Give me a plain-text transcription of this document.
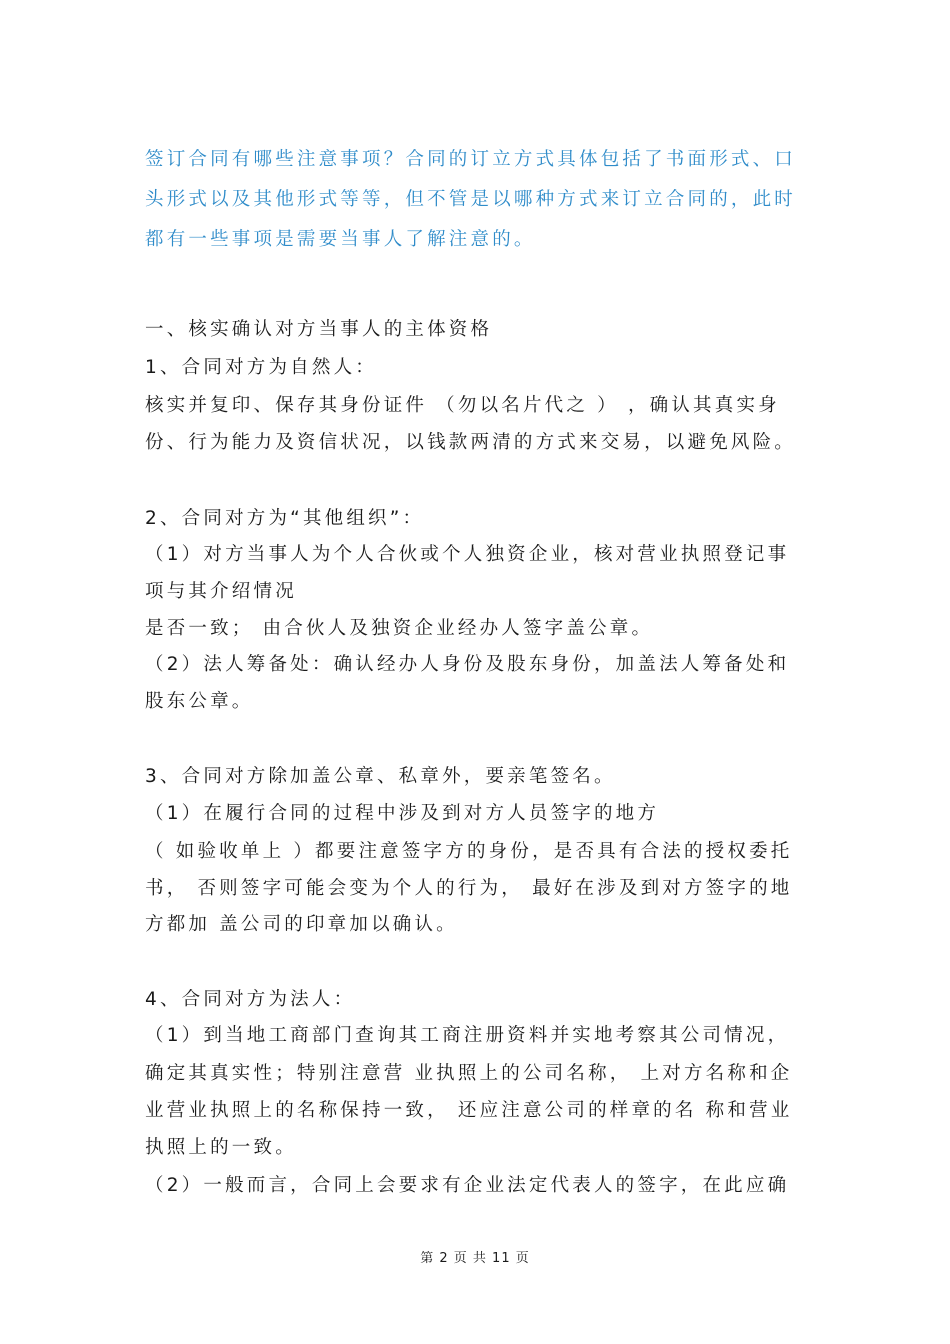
签订合同有哪些注意事项？合同的订立方式具体包括了书面形式、口
头形式以及其他形式等等，但不管是以哪种方式来订立合同的，此时
都有一些事项是需要当事人了解注意的。
一、核实确认对方当事人的主体资格
1、合同对方为自然人：
核实并复印、保存其身份证件 （勿以名片代之 ） ，确认其真实身
份、行为能力及资信状况，以钱款两清的方式来交易，以避免风险。
2、合同对方为“其他组织”：
（1）对方当事人为个人合伙或个人独资企业，核对营业执照登记事
项与其介绍情况
是否一致； 由合伙人及独资企业经办人签字盖公章。
（2）法人筹备处：确认经办人身份及股东身份，加盖法人筹备处和
股东公章。
3、合同对方除加盖公章、私章外，要亲笔签名。
（1）在履行合同的过程中涉及到对方人员签字的地方
（ 如验收单上 ）都要注意签字方的身份，是否具有合法的授权委托
书， 否则签字可能会变为个人的行为， 最好在涉及到对方签字的地
方都加 盖公司的印章加以确认。
4、合同对方为法人：
（1）到当地工商部门查询其工商注册资料并实地考察其公司情况，
确定其真实性；特别注意营 业执照上的公司名称， 上对方名称和企
业营业执照上的名称保持一致， 还应注意公司的样章的名 称和营业
执照上的一致。
（2）一般而言，合同上会要求有企业法定代表人的签字，在此应确
第 2 页 共 11 页
